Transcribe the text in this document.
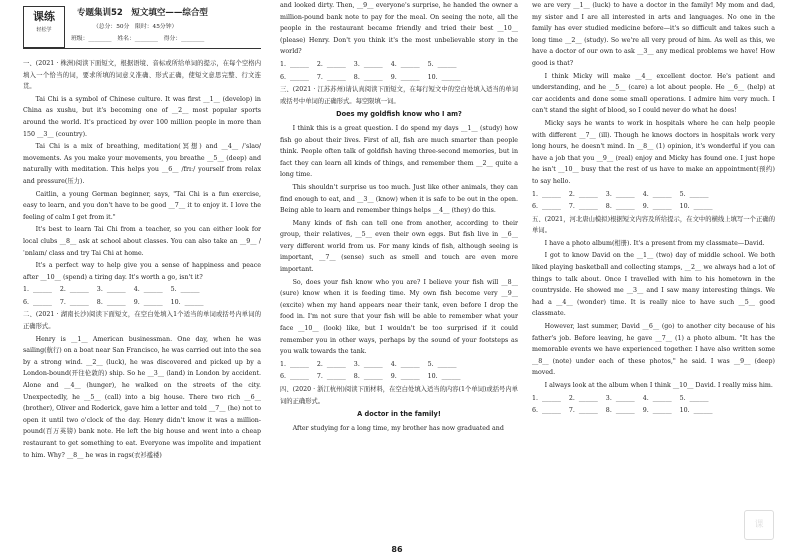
课练
轻松学
专题集训52　短文填空——综合型
（总分：50分　限时：45分钟）
班级：________　姓名：________　得分：________

一、(2021 · 株洲)阅读下面短文，根据语境、音标或所给单词的提示，在每个空格内填入一个恰当的词，要求所填的词意义准确、形式正确，使短文意思完整、行文连贯。

Tai Chi is a symbol of Chinese culture. It was first __1__ (develop) in China as xushu, but it's becoming one of __2__ most popular sports around the world. It's practiced by over 100 million people in more than 150 __3__ (country).

Tai Chi is a mix of breathing, meditation(冥想) and __4__ /ˈslaʊ/ movements. As you make your movements, you breathe __5__ (deep) and naturally with meditation. This helps you __6__ /frɪː/ yourself from relax and pressure(压力).

Caitlin, a young German beginner, says, "Tai Chi is a fun exercise, easy to learn, and you don't have to be good __7__ it to enjoy it. I love the feeling of calm I get from it."

It's best to learn Tai Chi from a teacher, so you can either look for local clubs __8__ ask at school about classes. You can also take an __9__ /ˈɒnlaɪn/ class and try Tai Chi at home.

It's a perfect way to help give you a sense of happiness and peace after __10__ (spend) a tiring day. It's worth a go, isn't it?

1. ______  2. ______  3. ______  4. ______  5. ______

6. ______  7. ______  8. ______  9. ______  10. ______

二、(2021 · 湖南长沙)阅读下面短文，在空白处填入1个适当的单词或括号内单词的正确形式。

Henry is __1__ American businessman. One day, when he was sailing(航行) on a boat near San Francisco, he was carried out into the sea by a strong wind. __2__ (luck), he was discovered and picked up by a London-bound(开往伦敦的) ship. So he __3__ (land) in London by accident. Alone and __4__ (hunger), he walked on the streets of the city. Unexpectedly, he __5__ (call) into a big house. There two rich __6__ (brother), Oliver and Roderick, gave him a letter and told __7__ (he) not to open it until two o'clock of the day. Henry didn't know it was a million-pound(百万英镑) bank note. He left the big house and went into a cheap restaurant to get something to eat. Everyone was impolite and impatient to him. Why? __8__ he was in rags(衣衫褴褛)

and looked dirty. Then, __9__ everyone's surprise, he handed the owner a million-pound bank note to pay for the meal. On seeing the note, all the people in the restaurant became friendly and tried their best __10__ (please) Henry. Don't you think it's the most unbelievable story in the world?

1. ______  2. ______  3. ______  4. ______  5. ______

6. ______  7. ______  8. ______  9. ______  10. ______

三、(2021 · 江苏苏州)请认真阅读下面短文，在每行短文中的空白处填入适当的单词或括号中单词的正确形式。每空限填一词。

Does my goldfish know who I am?

I think this is a great question. I do spend my days __1__ (study) how fish go about their lives. First of all, fish are much smarter than people think. People often talk of goldfish having three-second memories, but in fact they can learn all kinds of things, and remember them __2__ quite a long time.

This shouldn't surprise us too much. Just like other animals, they can find enough to eat, and __3__ (know) when it is safe to be out in the open. Being able to learn and remember things helps __4__ (they) do this.

Many kinds of fish can tell one from another, according to their group, their relatives, __5__ even their own eggs. But fish live in __6__ very different world from us. For many kinds of fish, although seeing is important, __7__ (sense) such as smell and touch are even more important.

So, does your fish know who you are? I believe your fish will __8__ (sure) know when it is feeding time. My own fish become very __9__ (excite) when my hand appears near their tank, even before I drop the food in. I'm not sure that your fish will be able to remember what your face __10__ (look) like, but I wouldn't be too surprised if it could remember you in other ways, perhaps by the sound of your footsteps as you walk towards the tank.

1. ______  2. ______  3. ______  4. ______  5. ______

6. ______  7. ______  8. ______  9. ______  10. ______

四、(2020 · 浙江杭州)阅读下面材料，在空白处填入适当的内容(1个单词)或括号内单词的正确形式。

A doctor in the family!

After studying for a long time, my brother has now graduated and

we are very __1__ (luck) to have a doctor in the family! My mom and dad, my sister and I are all interested in arts and languages. No one in the family has ever studied medicine before—it's so difficult and takes such a long time __2__ (study). So we're all very proud of him. As well as this, we have a doctor of our own to ask __3__ any medical problems we have! How good is that?

I think Micky will make __4__ excellent doctor. He's patient and understanding, and he __5__ (care) a lot about people. He __6__ (help) at car accidents and done some small operations. I admire him very much. I can't stand the sight of blood, so I could never do what he does!

Micky says he wants to work in hospitals where he can help people with different __7__ (ill). Though he knows doctors in hospitals work very long hours, he doesn't mind. In __8__ (1) opinion, it's wonderful if you can have a job that you __9__ (real) enjoy and Micky has found one. I just hope he isn't __10__ busy that the rest of us have to make an appointment(预约) to say hello.

1. ______  2. ______  3. ______  4. ______  5. ______

6. ______  7. ______  8. ______  9. ______  10. ______

五、(2021，河北唐山模拟)根据短文内容及所给提示，在文中的横线上填写一个正确的单词。

I have a photo album(相册). It's a present from my classmate—David.

I got to know David on the __1__ (two) day of middle school. We both liked playing basketball and collecting stamps, __2__ we always had a lot of things to talk about. Once I travelled with him to his hometown in the countryside. He showed me __3__ and I saw many interesting things. We had a __4__ (wonder) time. It is really nice to have such __5__ good classmate.

However, last summer, David __6__ (go) to another city because of his father's job. Before leaving, he gave __7__ (1) a photo album. "It has the memorable events we have experienced together. I have also written some __8__ (note) under each of these photos," he said. I was __9__ (deep) moved.

I always look at the album when I think __10__ David. I really miss him.

1. ______  2. ______  3. ______  4. ______  5. ______

6. ______  7. ______  8. ______  9. ______  10. ______

86
课
